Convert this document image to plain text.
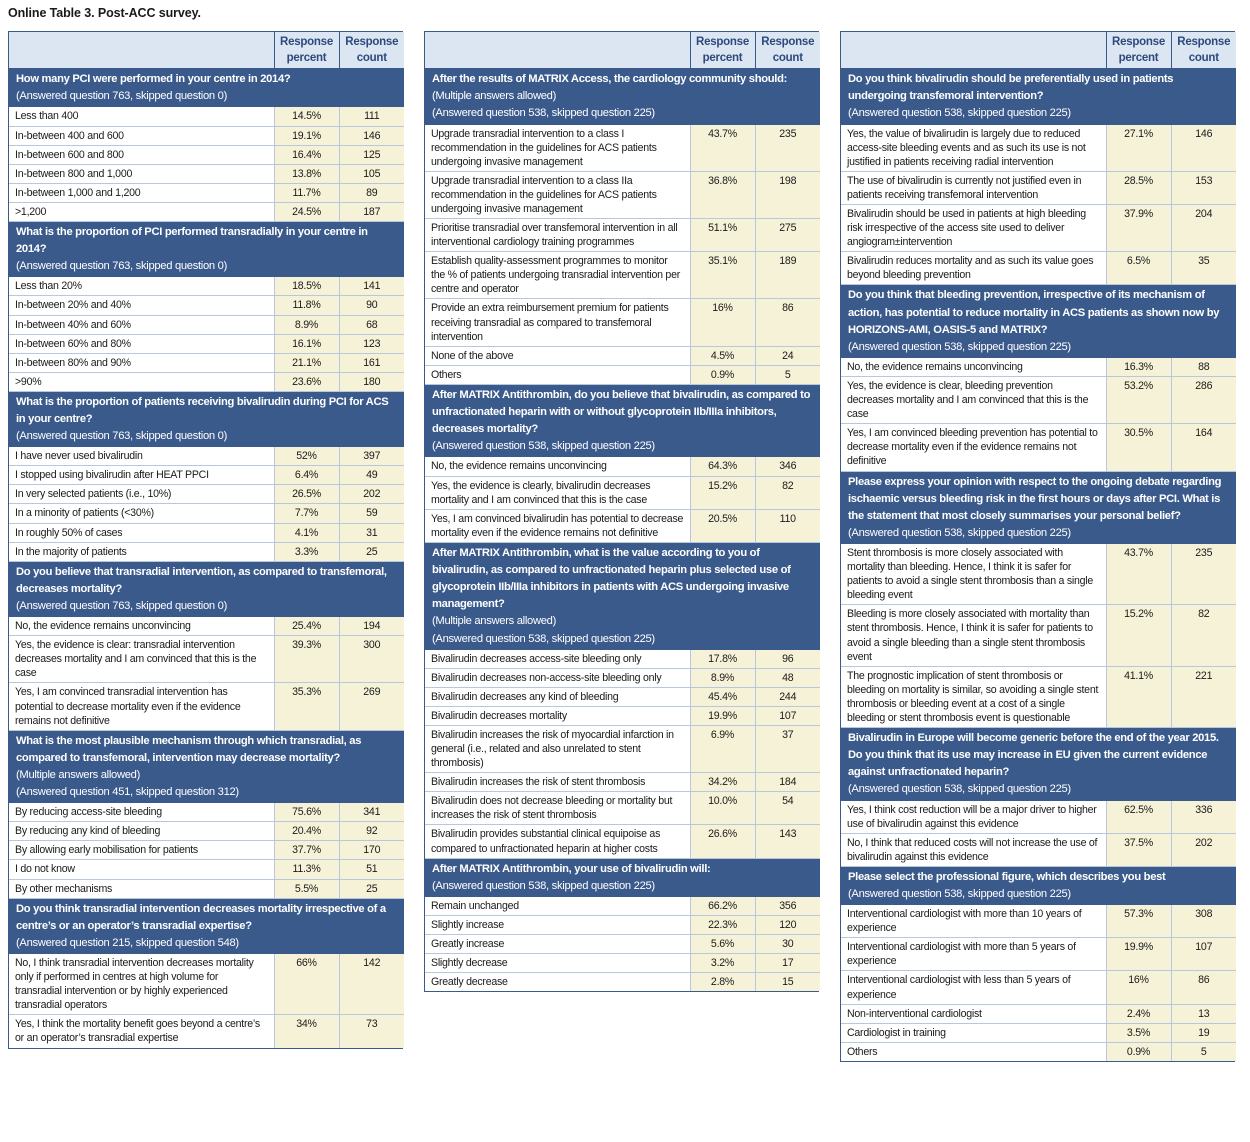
Online Table 3. Post-ACC survey.
	Response percent	Response count

How many PCI were performed in your centre in 2014?
(Answered question 763, skipped question 0)		

Less than 400	14.5%	111
In-between 400 and 600	19.1%	146
In-between 600 and 800	16.4%	125
In-between 800 and 1,000	13.8%	105
In-between 1,000 and 1,200	11.7%	89
>1,200	24.5%	187

What is the proportion of PCI performed transradially in your centre in 2014?
(Answered question 763, skipped question 0)		

Less than 20%	18.5%	141
In-between 20% and 40%	11.8%	90
In-between 40% and 60%	8.9%	68
In-between 60% and 80%	16.1%	123
In-between 80% and 90%	21.1%	161
>90%	23.6%	180

What is the proportion of patients receiving bivalirudin during PCI for ACS in your centre?
(Answered question 763, skipped question 0)		

I have never used bivalirudin	52%	397
I stopped using bivalirudin after HEAT PPCI	6.4%	49
In very selected patients (i.e., 10%)	26.5%	202
In a minority of patients (<30%)	7.7%	59
In roughly 50% of cases	4.1%	31
In the majority of patients	3.3%	25

Do you believe that transradial intervention, as compared to transfemoral, decreases mortality?
(Answered question 763, skipped question 0)		

No, the evidence remains unconvincing	25.4%	194
Yes, the evidence is clear: transradial intervention decreases mortality and I am convinced that this is the case	39.3%	300
Yes, I am convinced transradial intervention has potential to decrease mortality even if the evidence remains not definitive	35.3%	269

What is the most plausible mechanism through which transradial, as compared to transfemoral, intervention may decrease mortality?
(Multiple answers allowed)
(Answered question 451, skipped question 312)		

By reducing access-site bleeding	75.6%	341
By reducing any kind of bleeding	20.4%	92
By allowing early mobilisation for patients	37.7%	170
I do not know	11.3%	51
By other mechanisms	5.5%	25

Do you think transradial intervention decreases mortality irrespective of a centre’s or an operator’s transradial expertise?
(Answered question 215, skipped question 548)		

No, I think transradial intervention decreases mortality only if performed in centres at high volume for transradial intervention or by highly experienced transradial operators	66%	142
Yes, I think the mortality benefit goes beyond a centre’s or an operator’s transradial expertise	34%	73
	Response percent	Response count

After the results of MATRIX Access, the cardiology community should:
(Multiple answers allowed)
(Answered question 538, skipped question 225)		

Upgrade transradial intervention to a class I recommendation in the guidelines for ACS patients undergoing invasive management	43.7%	235
Upgrade transradial intervention to a class IIa recommendation in the guidelines for ACS patients undergoing invasive management	36.8%	198
Prioritise transradial over transfemoral intervention in all interventional cardiology training programmes	51.1%	275
Establish quality-assessment programmes to monitor the % of patients undergoing transradial intervention per centre and operator	35.1%	189
Provide an extra reimbursement premium for patients receiving transradial as compared to transfemoral intervention	16%	86
None of the above	4.5%	24
Others	0.9%	5

After MATRIX Antithrombin, do you believe that bivalirudin, as compared to unfractionated heparin with or without glycoprotein IIb/IIIa inhibitors, decreases mortality?
(Answered question 538, skipped question 225)		

No, the evidence remains unconvincing	64.3%	346
Yes, the evidence is clearly, bivalirudin decreases mortality and I am convinced that this is the case	15.2%	82
Yes, I am convinced bivalirudin has potential to decrease mortality even if the evidence remains not definitive	20.5%	110

After MATRIX Antithrombin, what is the value according to you of bivalirudin, as compared to unfractionated heparin plus selected use of glycoprotein IIb/IIIa inhibitors in patients with ACS undergoing invasive management?
(Multiple answers allowed)
(Answered question 538, skipped question 225)		

Bivalirudin decreases access-site bleeding only	17.8%	96
Bivalirudin decreases non-access-site bleeding only	8.9%	48
Bivalirudin decreases any kind of bleeding	45.4%	244
Bivalirudin decreases mortality	19.9%	107
Bivalirudin increases the risk of myocardial infarction in general (i.e., related and also unrelated to stent thrombosis)	6.9%	37
Bivalirudin increases the risk of stent thrombosis	34.2%	184
Bivalirudin does not decrease bleeding or mortality but increases the risk of stent thrombosis	10.0%	54
Bivalirudin provides substantial clinical equipoise as compared to unfractionated heparin at higher costs	26.6%	143

After MATRIX Antithrombin, your use of bivalirudin will:
(Answered question 538, skipped question 225)		

Remain unchanged	66.2%	356
Slightly increase	22.3%	120
Greatly increase	5.6%	30
Slightly decrease	3.2%	17
Greatly decrease	2.8%	15
	Response percent	Response count

Do you think bivalirudin should be preferentially used in patients undergoing transfemoral intervention?
(Answered question 538, skipped question 225)		

Yes, the value of bivalirudin is largely due to reduced access-site bleeding events and as such its use is not justified in patients receiving radial intervention	27.1%	146
The use of bivalirudin is currently not justified even in patients receiving transfemoral intervention	28.5%	153
Bivalirudin should be used in patients at high bleeding risk irrespective of the access site used to deliver angiogram±intervention	37.9%	204
Bivalirudin reduces mortality and as such its value goes beyond bleeding prevention	6.5%	35

Do you think that bleeding prevention, irrespective of its mechanism of action, has potential to reduce mortality in ACS patients as shown now by HORIZONS-AMI, OASIS-5 and MATRIX?
(Answered question 538, skipped question 225)		

No, the evidence remains unconvincing	16.3%	88
Yes, the evidence is clear, bleeding prevention decreases mortality and I am convinced that this is the case	53.2%	286
Yes, I am convinced bleeding prevention has potential to decrease mortality even if the evidence remains not definitive	30.5%	164

Please express your opinion with respect to the ongoing debate regarding ischaemic versus bleeding risk in the first hours or days after PCI. What is the statement that most closely summarises your personal belief?
(Answered question 538, skipped question 225)		

Stent thrombosis is more closely associated with mortality than bleeding. Hence, I think it is safer for patients to avoid a single stent thrombosis than a single bleeding event	43.7%	235
Bleeding is more closely associated with mortality than stent thrombosis. Hence, I think it is safer for patients to avoid a single bleeding than a single stent thrombosis event	15.2%	82
The prognostic implication of stent thrombosis or bleeding on mortality is similar, so avoiding a single stent thrombosis or bleeding event at a cost of a single bleeding or stent thrombosis event is questionable	41.1%	221

Bivalirudin in Europe will become generic before the end of the year 2015. Do you think that its use may increase in EU given the current evidence against unfractionated heparin?
(Answered question 538, skipped question 225)		

Yes, I think cost reduction will be a major driver to higher use of bivalirudin against this evidence	62.5%	336
No, I think that reduced costs will not increase the use of bivalirudin against this evidence	37.5%	202

Please select the professional figure, which describes you best
(Answered question 538, skipped question 225)		

Interventional cardiologist with more than 10 years of experience	57.3%	308
Interventional cardiologist with more than 5 years of experience	19.9%	107
Interventional cardiologist with less than 5 years of experience	16%	86
Non-interventional cardiologist	2.4%	13
Cardiologist in training	3.5%	19
Others	0.9%	5
